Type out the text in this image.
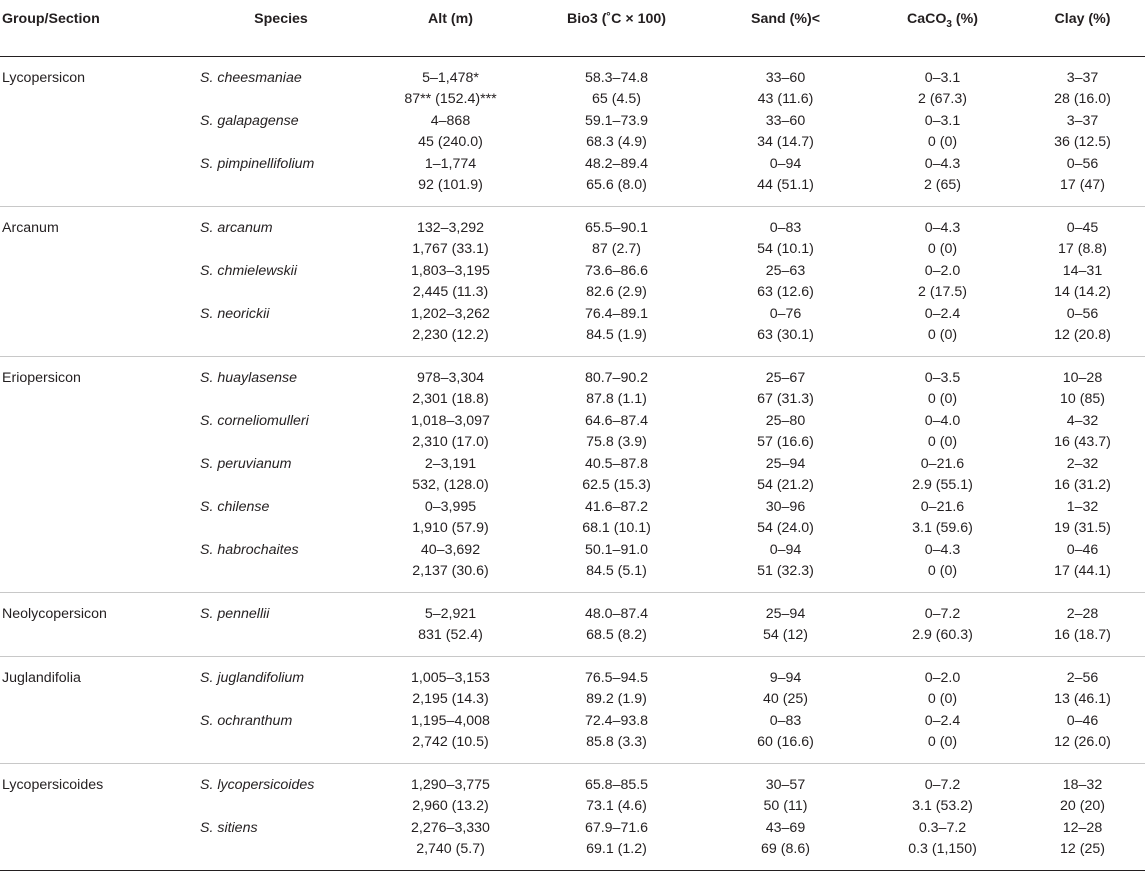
Group/Section	Species	Alt (m)	Bio3 (˚C × 100)	Sand (%)<	CaCO$_3$ (%)	Clay (%)
Lycopersicon	S. cheesmaniae	5–1,478*	58.3–74.8	33–60	0–3.1	3–37
		87** (152.4)***	65 (4.5)	43 (11.6)	2 (67.3)	28 (16.0)
	S. galapagense	4–868	59.1–73.9	33–60	0–3.1	3–37
		45 (240.0)	68.3 (4.9)	34 (14.7)	0 (0)	36 (12.5)
	S. pimpinellifolium	1–1,774	48.2–89.4	0–94	0–4.3	0–56
		92 (101.9)	65.6 (8.0)	44 (51.1)	2 (65)	17 (47)
Arcanum	S. arcanum	132–3,292	65.5–90.1	0–83	0–4.3	0–45
		1,767 (33.1)	87 (2.7)	54 (10.1)	0 (0)	17 (8.8)
	S. chmielewskii	1,803–3,195	73.6–86.6	25–63	0–2.0	14–31
		2,445 (11.3)	82.6 (2.9)	63 (12.6)	2 (17.5)	14 (14.2)
	S. neorickii	1,202–3,262	76.4–89.1	0–76	0–2.4	0–56
		2,230 (12.2)	84.5 (1.9)	63 (30.1)	0 (0)	12 (20.8)
Eriopersicon	S. huaylasense	978–3,304	80.7–90.2	25–67	0–3.5	10–28
		2,301 (18.8)	87.8 (1.1)	67 (31.3)	0 (0)	10 (85)
	S. corneliomulleri	1,018–3,097	64.6–87.4	25–80	0–4.0	4–32
		2,310 (17.0)	75.8 (3.9)	57 (16.6)	0 (0)	16 (43.7)
	S. peruvianum	2–3,191	40.5–87.8	25–94	0–21.6	2–32
		532, (128.0)	62.5 (15.3)	54 (21.2)	2.9 (55.1)	16 (31.2)
	S. chilense	0–3,995	41.6–87.2	30–96	0–21.6	1–32
		1,910 (57.9)	68.1 (10.1)	54 (24.0)	3.1 (59.6)	19 (31.5)
	S. habrochaites	40–3,692	50.1–91.0	0–94	0–4.3	0–46
		2,137 (30.6)	84.5 (5.1)	51 (32.3)	0 (0)	17 (44.1)
Neolycopersicon	S. pennellii	5–2,921	48.0–87.4	25–94	0–7.2	2–28
		831 (52.4)	68.5 (8.2)	54 (12)	2.9 (60.3)	16 (18.7)
Juglandifolia	S. juglandifolium	1,005–3,153	76.5–94.5	9–94	0–2.0	2–56
		2,195 (14.3)	89.2 (1.9)	40 (25)	0 (0)	13 (46.1)
	S. ochranthum	1,195–4,008	72.4–93.8	0–83	0–2.4	0–46
		2,742 (10.5)	85.8 (3.3)	60 (16.6)	0 (0)	12 (26.0)
Lycopersicoides	S. lycopersicoides	1,290–3,775	65.8–85.5	30–57	0–7.2	18–32
		2,960 (13.2)	73.1 (4.6)	50 (11)	3.1 (53.2)	20 (20)
	S. sitiens	2,276–3,330	67.9–71.6	43–69	0.3–7.2	12–28
		2,740 (5.7)	69.1 (1.2)	69 (8.6)	0.3 (1,150)	12 (25)
